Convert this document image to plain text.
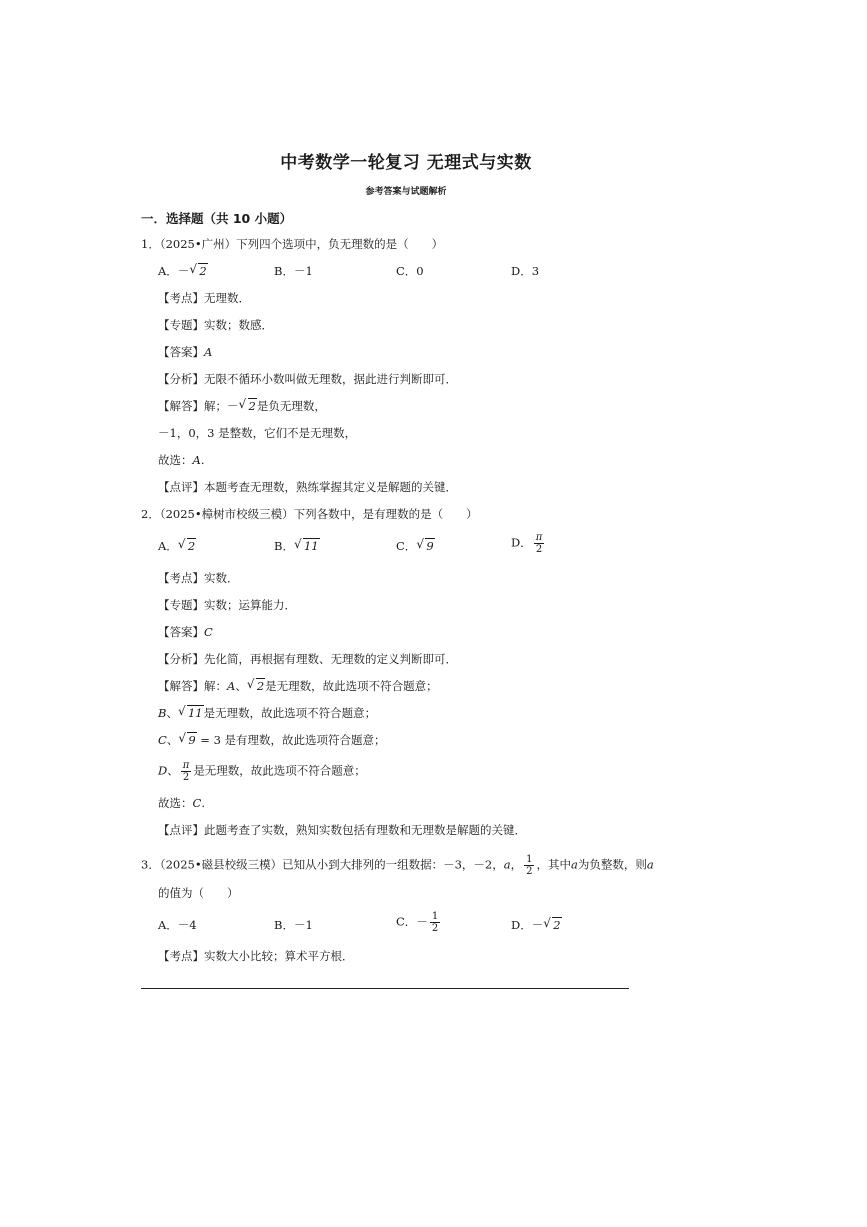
中考数学一轮复习 无理式与实数
参考答案与试题解析
一．选择题（共 10 小题）
1．（2025•广州）下列四个选项中，负无理数的是（　　）
A．－ √ 2	B．－1	C．0	D．3
【考点】无理数．
【专题】实数；数感．
【答案】A
【分析】无限不循环小数叫做无理数，据此进行判断即可．
【解答】解；－ √ 2是负无理数，
－1，0，3 是整数，它们不是无理数，
故选：A．
【点评】本题考查无理数，熟练掌握其定义是解题的关键．
2．（2025•樟树市校级三模）下列各数中，是有理数的是（　　）
A． √ 2	B． √ 11	C． √ 9	D． $\frac{\pi}{2}$
【考点】实数．
【专题】实数；运算能力．
【答案】C
【分析】先化简，再根据有理数、无理数的定义判断即可．
【解答】解：A、 √ 2是无理数，故此选项不符合题意；
B、 √ 11是无理数，故此选项不符合题意；
C、 √ 9 = 3 是有理数，故此选项符合题意；
D、 $\frac{\pi}{2}$ 是无理数，故此选项不符合题意；
故选：C．
【点评】此题考查了实数，熟知实数包括有理数和无理数是解题的关键．
3．（2025•磁县校级三模）已知从小到大排列的一组数据：－3，－2，a， $\frac{1}{2}$ ，其中a为负整数，则a
的值为（　　）
A．－4	B．－1	C．－ $\frac{1}{2}$	D．－ √ 2
【考点】实数大小比较；算术平方根．
